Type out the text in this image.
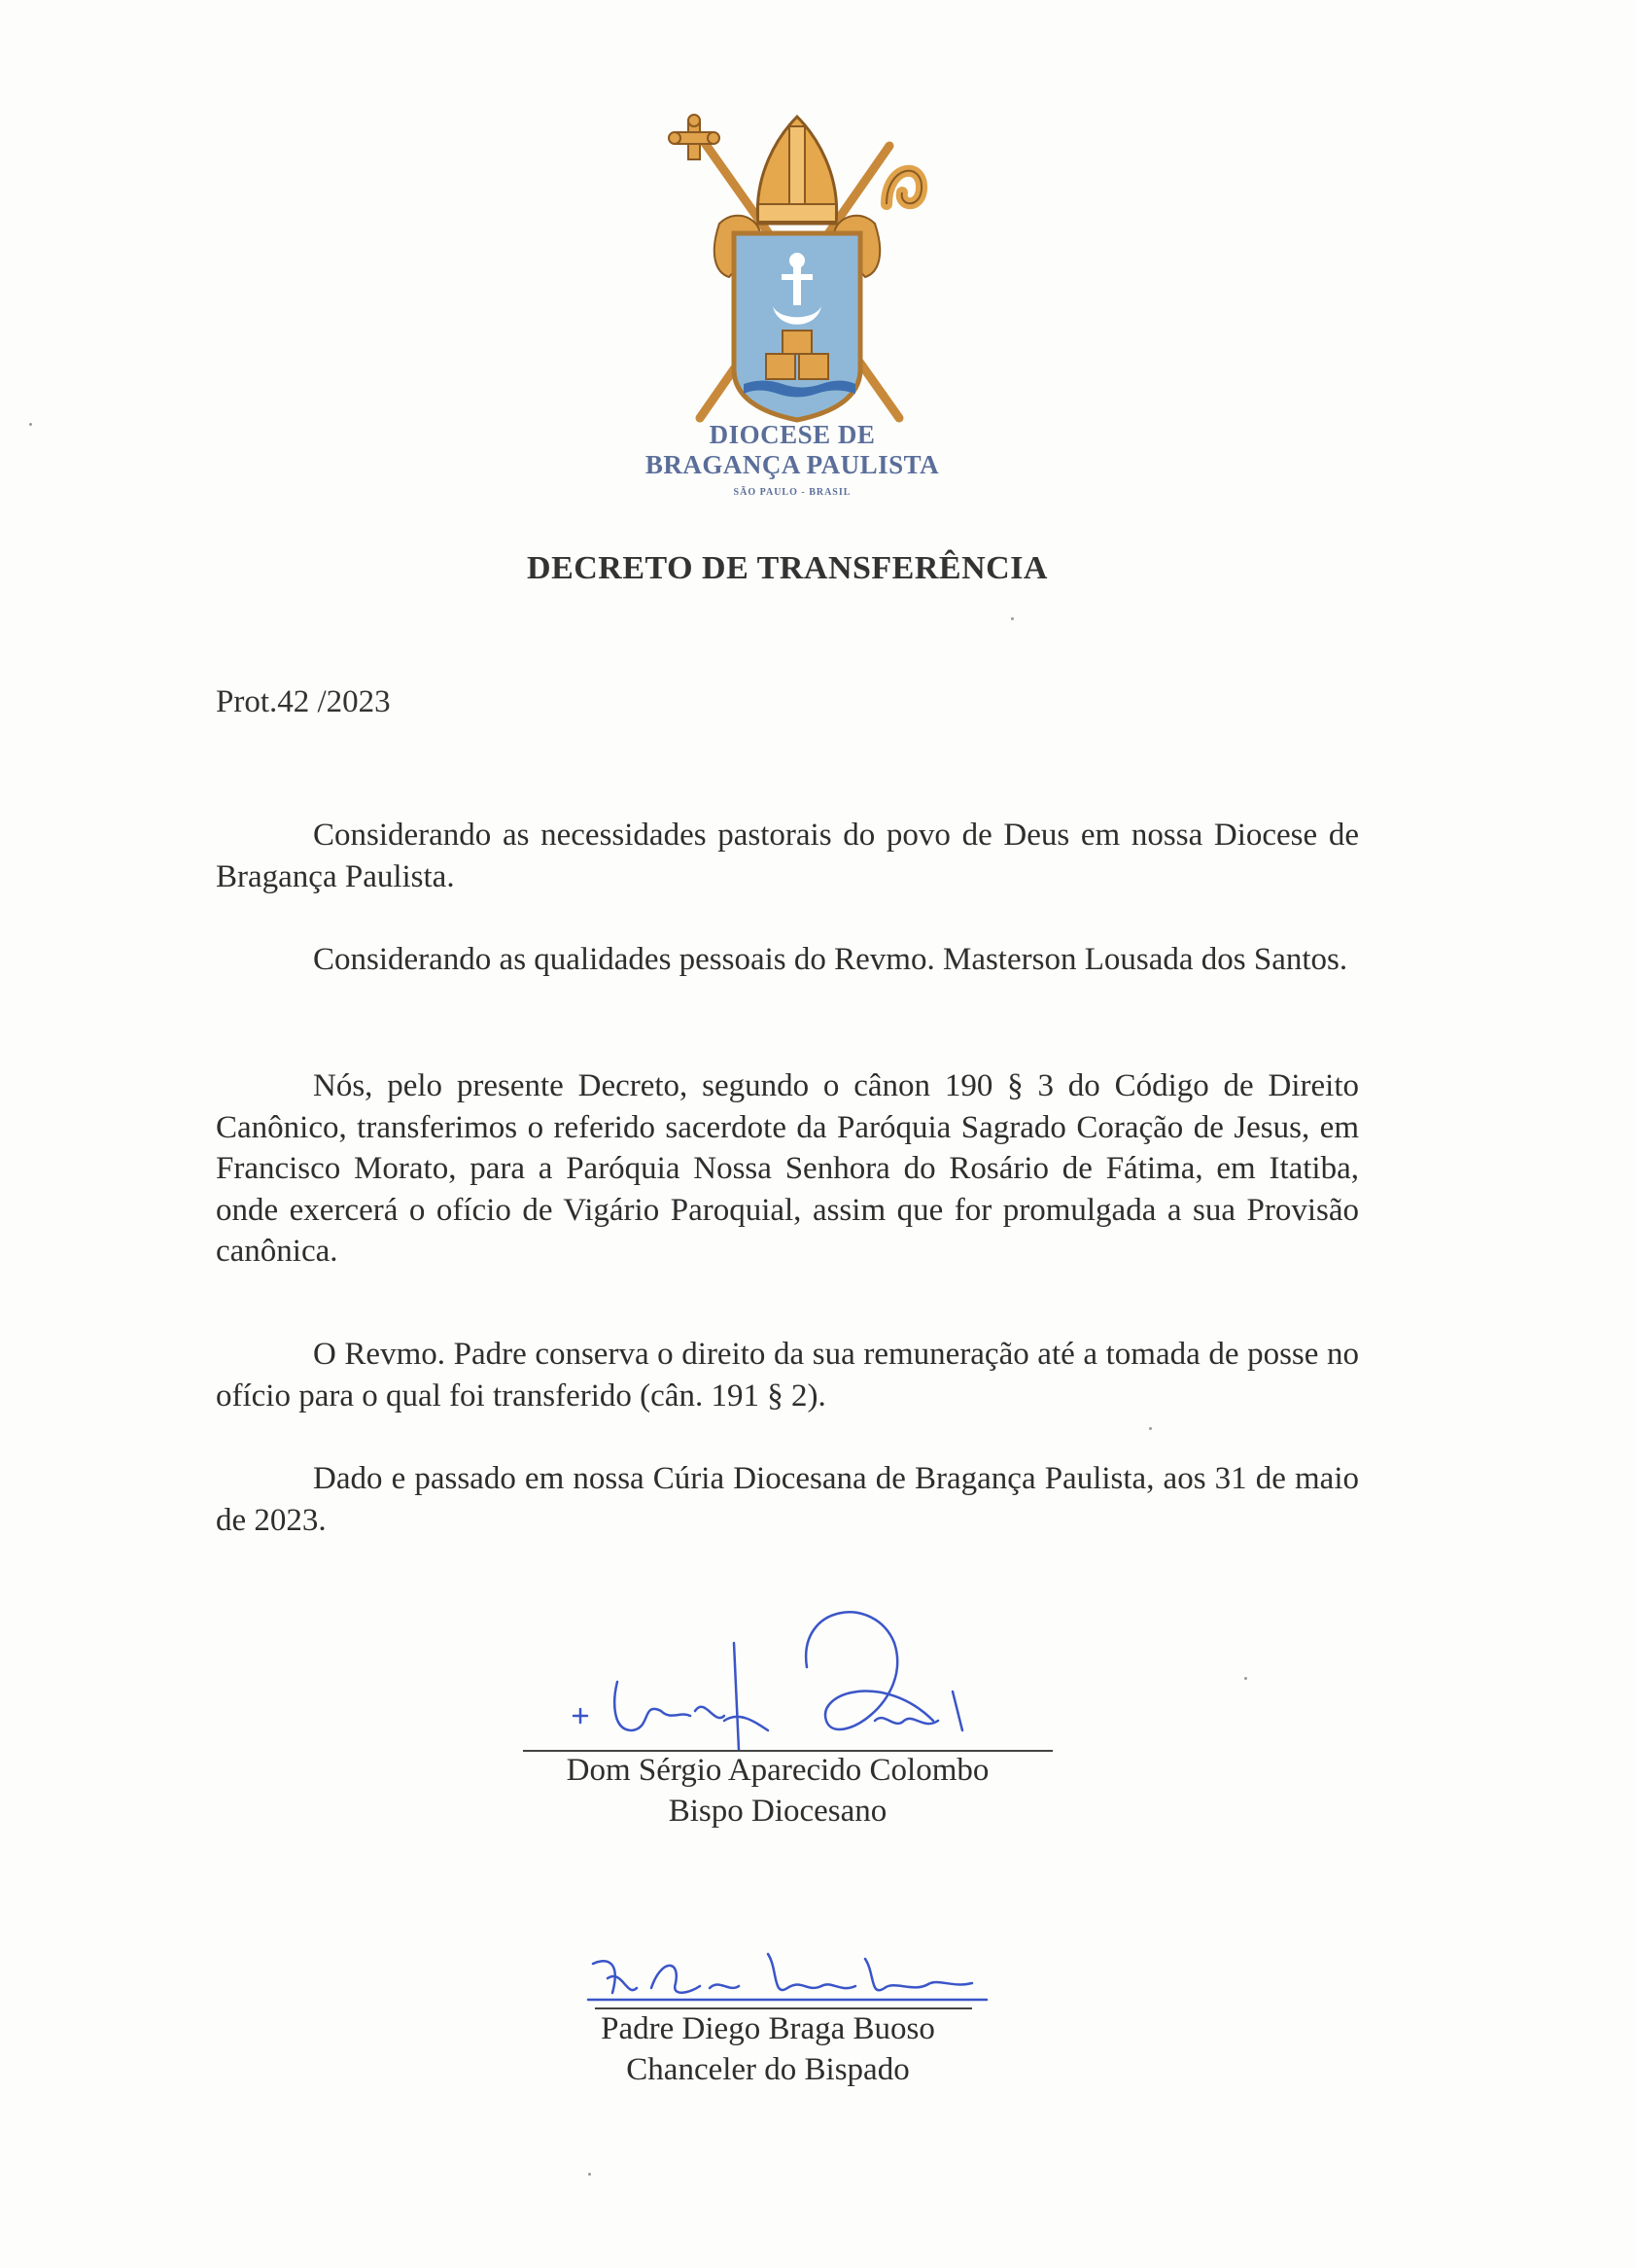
DIOCESE DE
BRAGANÇA PAULISTA
SÃO PAULO - BRASIL
DECRETO DE TRANSFERÊNCIA
Prot.42 /2023
Considerando as necessidades pastorais do povo de Deus em nossa Diocese de Bragança Paulista.
Considerando as qualidades pessoais do Revmo. Masterson Lousada dos Santos.
Nós, pelo presente Decreto, segundo o cânon 190 § 3 do Código de Direito Canônico, transferimos o referido sacerdote da Paróquia Sagrado Coração de Jesus, em Francisco Morato, para a Paróquia Nossa Senhora do Rosário de Fátima, em Itatiba, onde exercerá o ofício de Vigário Paroquial, assim que for promulgada a sua Provisão canônica.
O Revmo. Padre conserva o direito da sua remuneração até a tomada de posse no ofício para o qual foi transferido (cân. 191 § 2).
Dado e passado em nossa Cúria Diocesana de Bragança Paulista, aos 31 de maio de 2023.
Dom Sérgio Aparecido Colombo
Bispo Diocesano
Padre Diego Braga Buoso
Chanceler do Bispado
